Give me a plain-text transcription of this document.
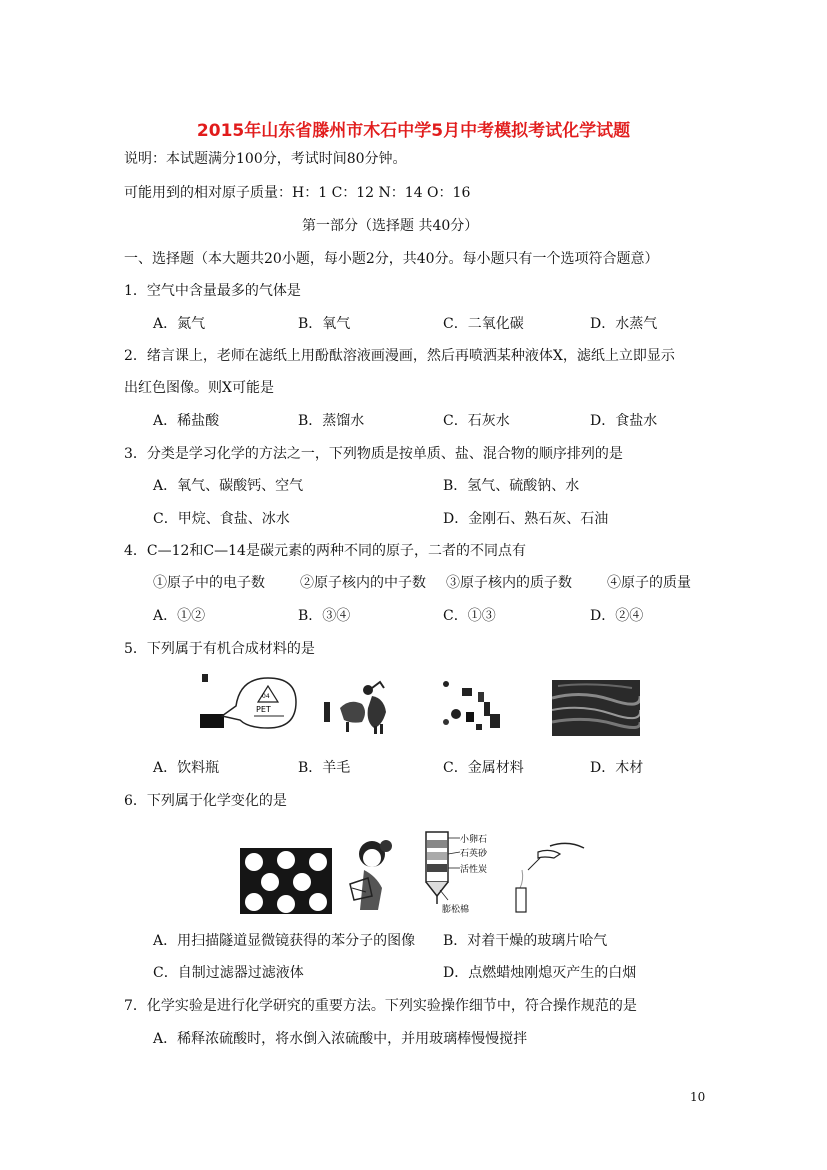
2015年山东省滕州市木石中学5月中考模拟考试化学试题
说明：本试题满分100分，考试时间80分钟。
可能用到的相对原子质量：H：1 C：12 N：14 O：16
第一部分（选择题 共40分）
一、选择题（本大题共20小题，每小题2分，共40分。每小题只有一个选项符合题意）
1．空气中含量最多的气体是
A．氮气	B．氧气	C．二氧化碳	D．水蒸气
2．绪言课上，老师在滤纸上用酚酞溶液画漫画，然后再喷洒某种液体X，滤纸上立即显示
出红色图像。则X可能是
A．稀盐酸	B．蒸馏水	C．石灰水	D．食盐水
3．分类是学习化学的方法之一，下列物质是按单质、盐、混合物的顺序排列的是
A．氧气、碳酸钙、空气	B．氢气、硫酸钠、水
C．甲烷、食盐、冰水	D．金刚石、熟石灰、石油
4．C—12和C—14是碳元素的两种不同的原子，二者的不同点有
①原子中的电子数	②原子核内的中子数 ③原子核内的质子数	④原子的质量
A．①②	B．③④	C．①③	D．②④
5．下列属于有机合成材料的是
04
PET
A．饮料瓶	B．羊毛	C．金属材料	D．木材
6．下列属于化学变化的是
小卵石
石英砂
活性炭
膨松棉
A．用扫描隧道显微镜获得的苯分子的图像 B．对着干燥的玻璃片哈气
C．自制过滤器过滤液体	D．点燃蜡烛刚熄灭产生的白烟
7．化学实验是进行化学研究的重要方法。下列实验操作细节中，符合操作规范的是
A．稀释浓硫酸时，将水倒入浓硫酸中，并用玻璃棒慢慢搅拌
10
